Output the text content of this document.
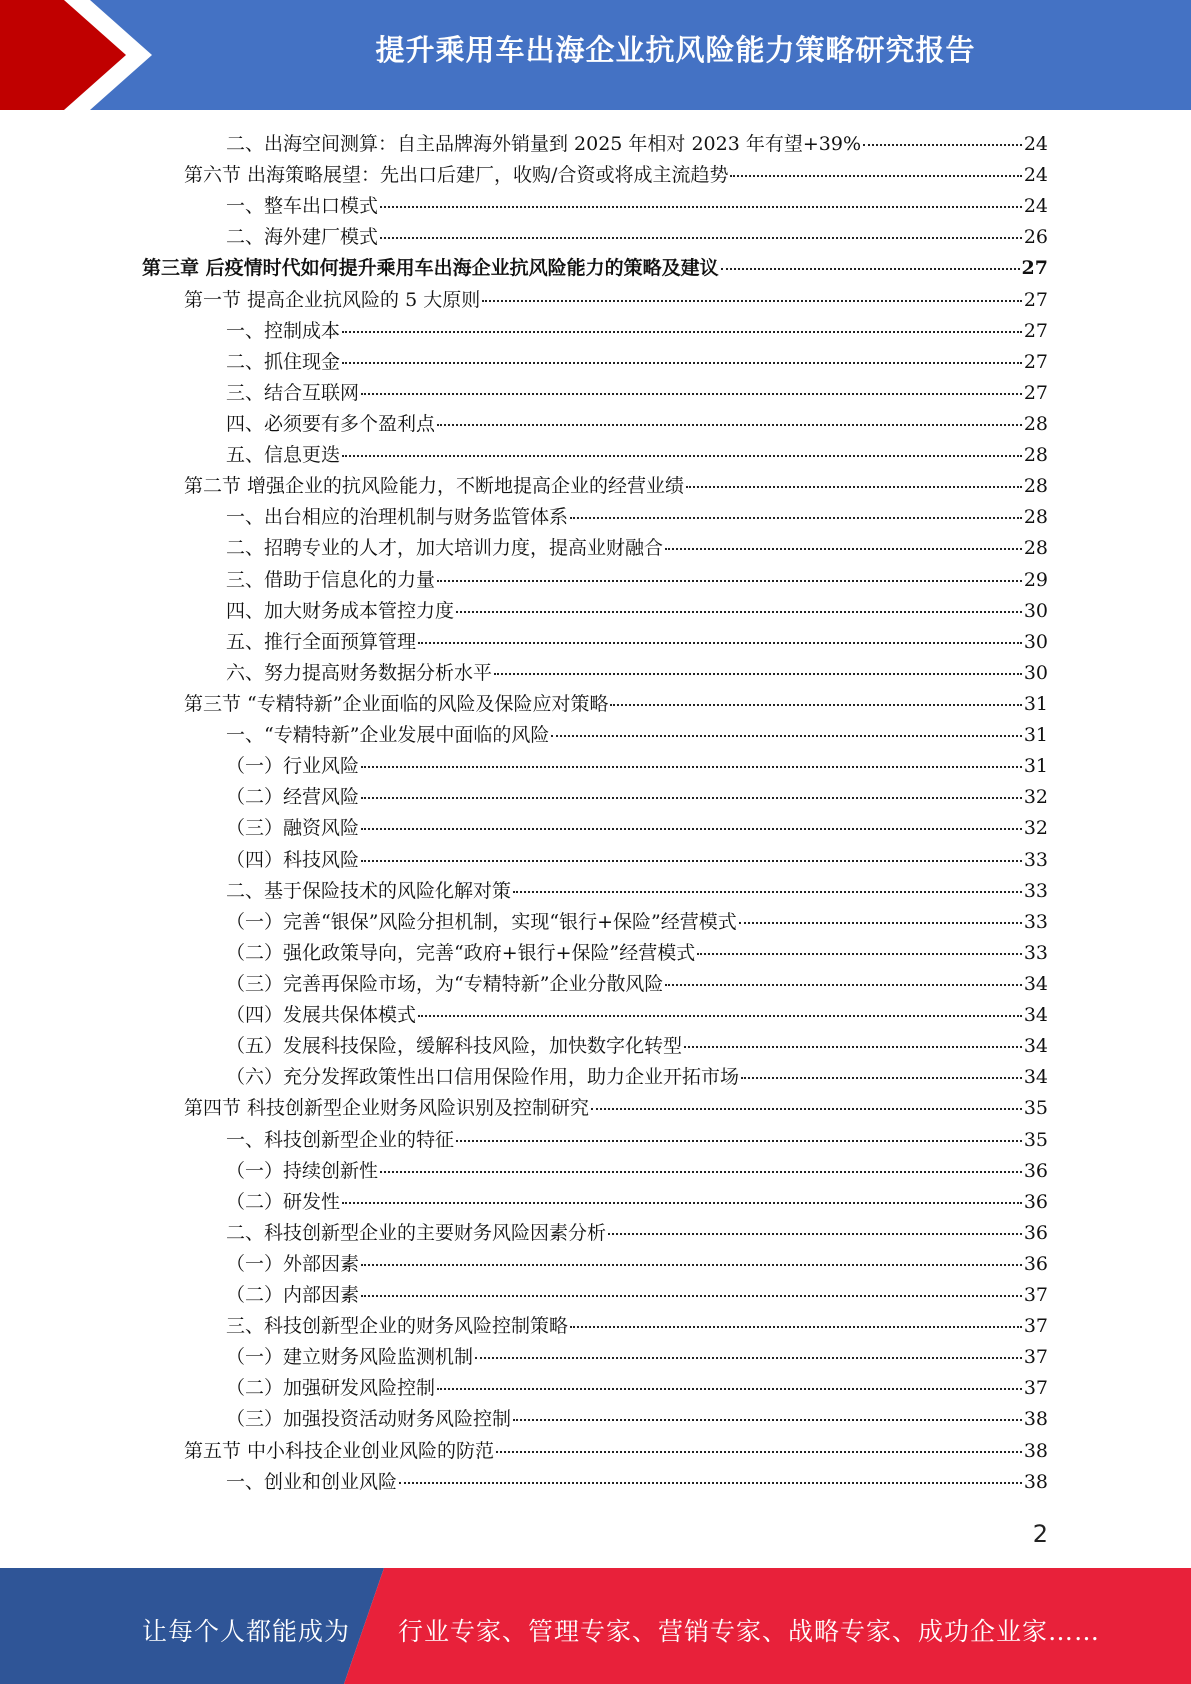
提升乘用车出海企业抗风险能力策略研究报告
二、出海空间测算：自主品牌海外销量到 2025 年相对 2023 年有望+39%	24
第六节 出海策略展望：先出口后建厂，收购/合资或将成主流趋势	24
一、整车出口模式	24
二、海外建厂模式	26
第三章 后疫情时代如何提升乘用车出海企业抗风险能力的策略及建议	27
第一节 提高企业抗风险的 5 大原则	27
一、控制成本	27
二、抓住现金	27
三、结合互联网	27
四、必须要有多个盈利点	28
五、信息更迭	28
第二节 增强企业的抗风险能力，不断地提高企业的经营业绩	28
一、出台相应的治理机制与财务监管体系	28
二、招聘专业的人才，加大培训力度，提高业财融合	28
三、借助于信息化的力量	29
四、加大财务成本管控力度	30
五、推行全面预算管理	30
六、努力提高财务数据分析水平	30
第三节 “专精特新”企业面临的风险及保险应对策略	31
一、“专精特新”企业发展中面临的风险	31
（一）行业风险	31
（二）经营风险	32
（三）融资风险	32
（四）科技风险	33
二、基于保险技术的风险化解对策	33
（一）完善“银保”风险分担机制，实现“银行+保险”经营模式	33
（二）强化政策导向，完善“政府+银行+保险”经营模式	33
（三）完善再保险市场，为“专精特新”企业分散风险	34
（四）发展共保体模式	34
（五）发展科技保险，缓解科技风险，加快数字化转型	34
（六）充分发挥政策性出口信用保险作用，助力企业开拓市场	34
第四节 科技创新型企业财务风险识别及控制研究	35
一、科技创新型企业的特征	35
（一）持续创新性	36
（二）研发性	36
二、科技创新型企业的主要财务风险因素分析	36
（一）外部因素	36
（二）内部因素	37
三、科技创新型企业的财务风险控制策略	37
（一）建立财务风险监测机制	37
（二）加强研发风险控制	37
（三）加强投资活动财务风险控制	38
第五节 中小科技企业创业风险的防范	38
一、创业和创业风险	38
2
让每个人都能成为 行业专家、管理专家、营销专家、战略专家、成功企业家……
